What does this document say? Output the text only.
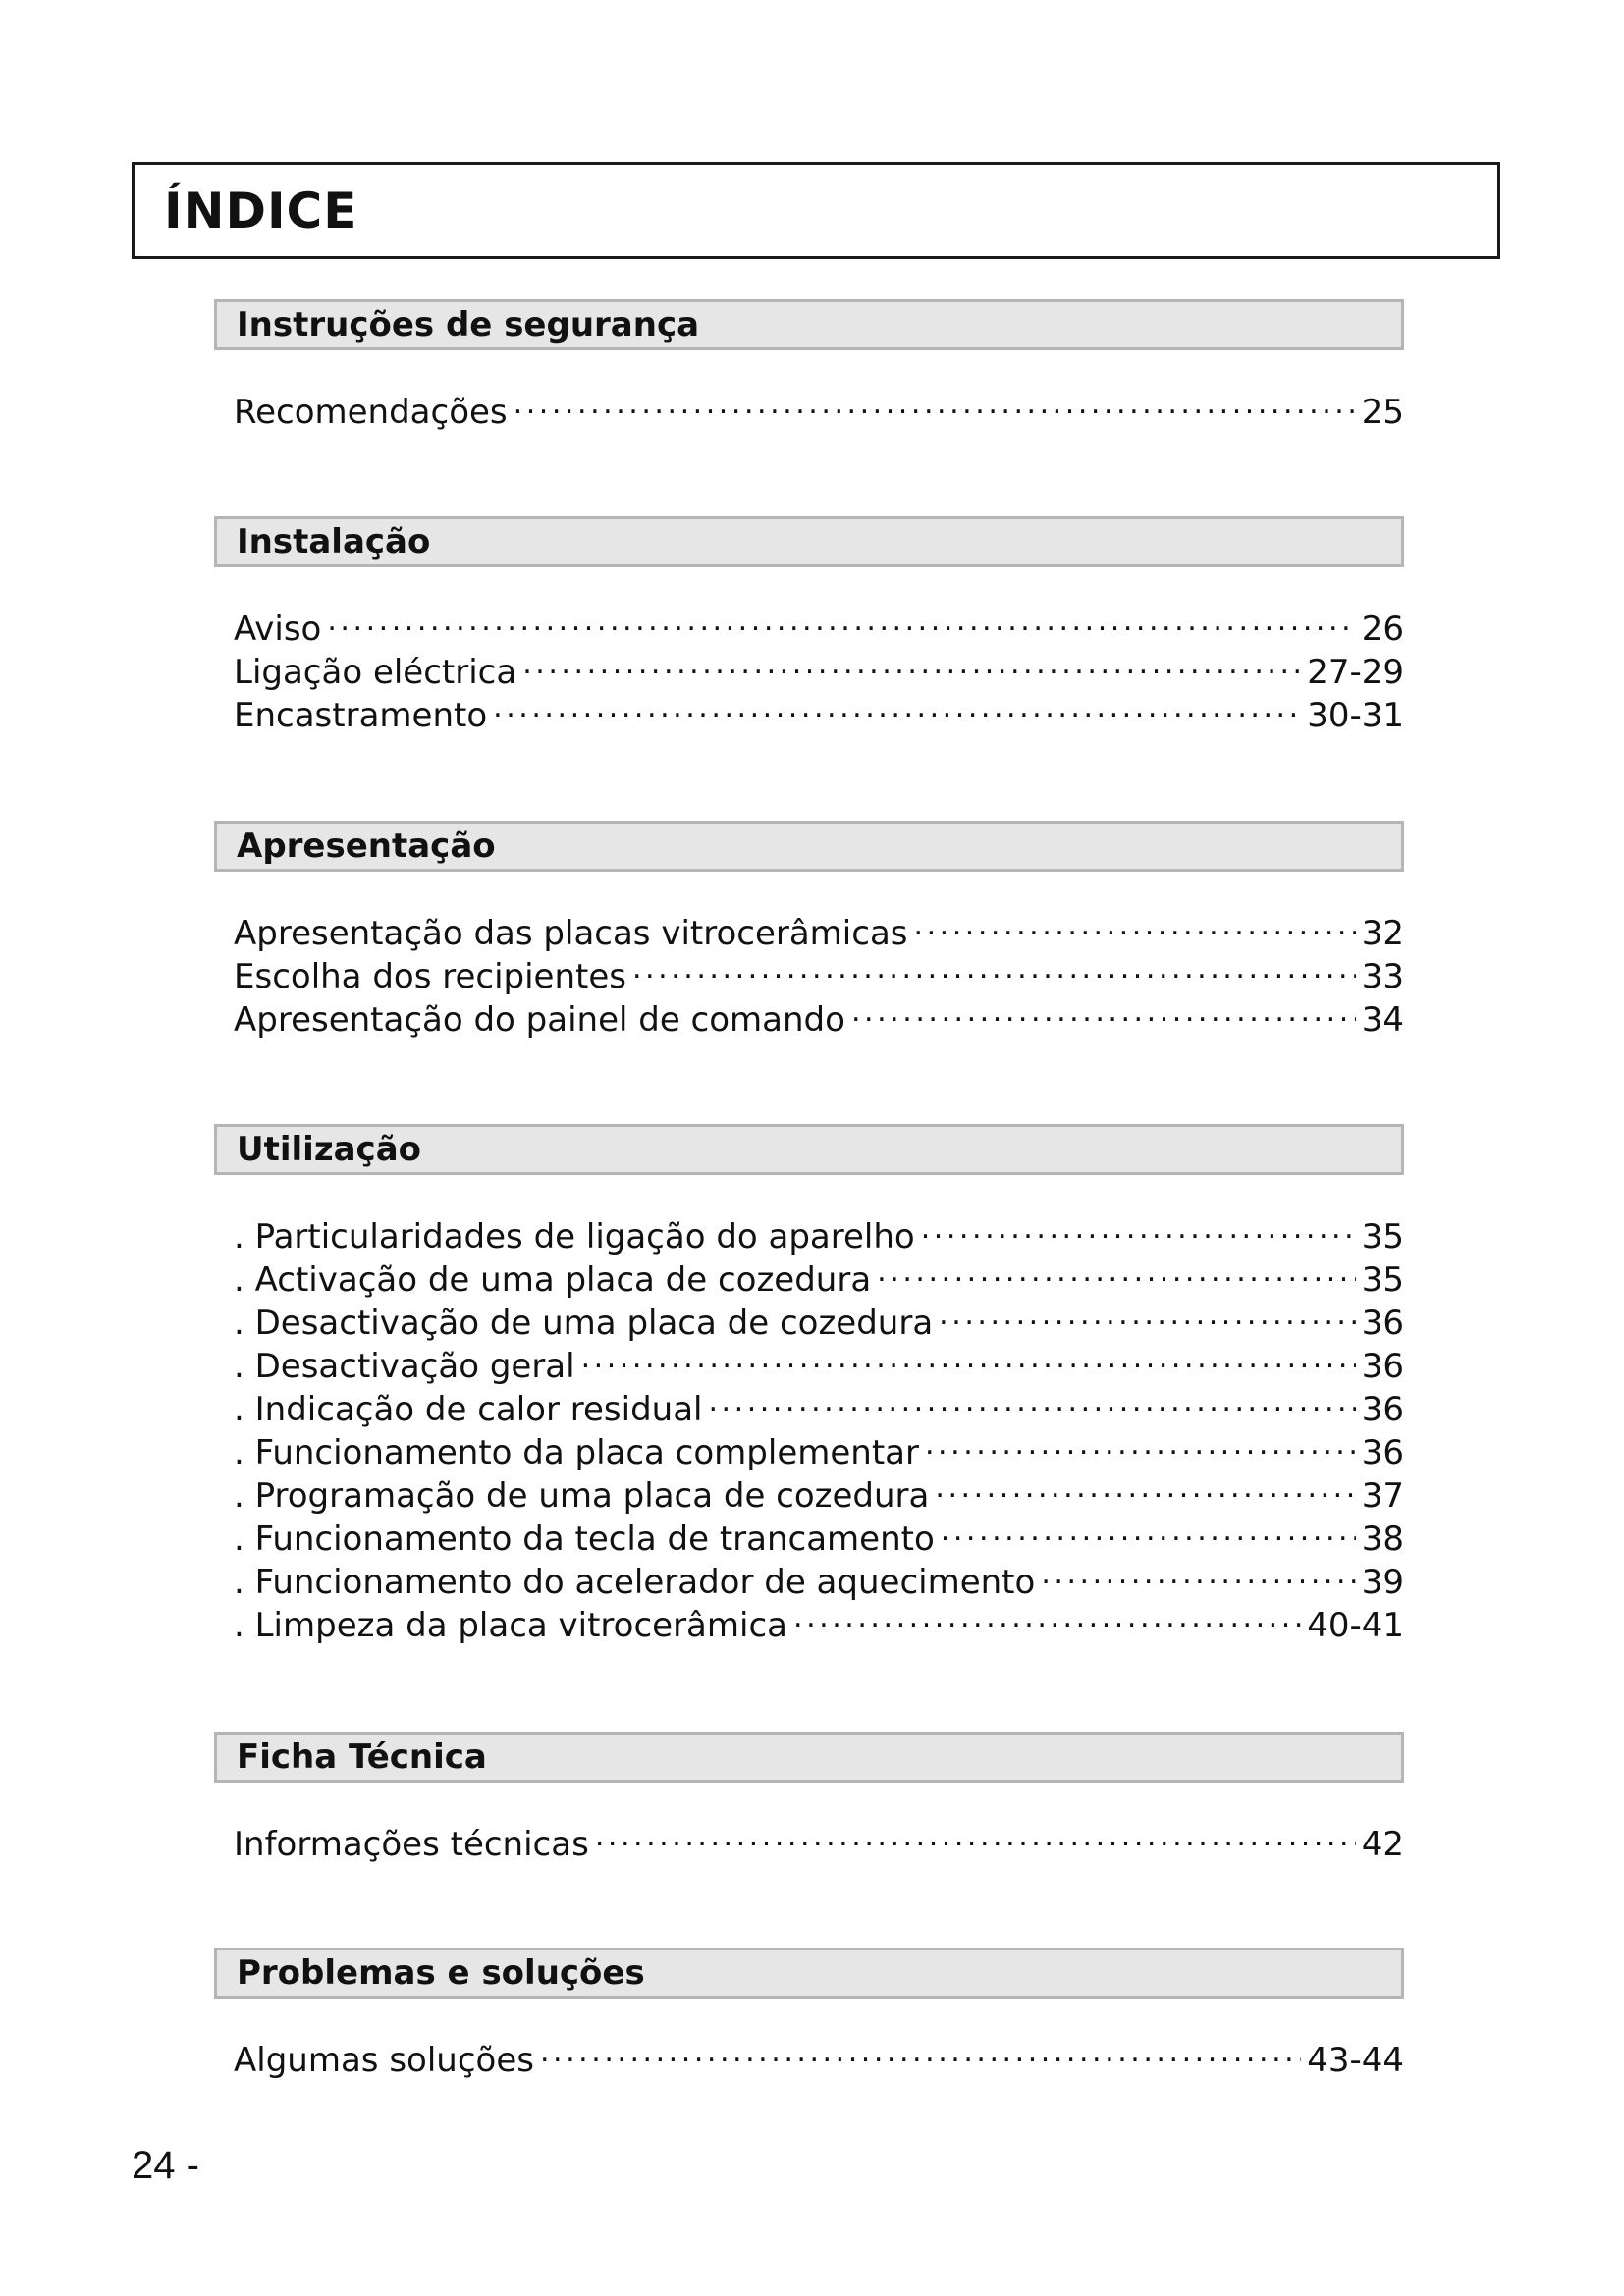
ÍNDICE
Instruções de segurança
Recomendações . . .	25
Instalação
Aviso . . .	26
Ligação eléctrica . . .	27-29
Encastramento . . .	30-31
Apresentação
Apresentação das placas vitrocerâmicas . . .	32
Escolha dos recipientes . . .	33
Apresentação do painel de comando . . .	34
Utilização
. Particularidades de ligação do aparelho . . .	35
. Activação de uma placa de cozedura . . .	35
. Desactivação de uma placa de cozedura . . .	36
. Desactivação geral . . .	36
. Indicação de calor residual . . .	36
. Funcionamento da placa complementar . . .	36
. Programação de uma placa de cozedura . . .	37
. Funcionamento da tecla de trancamento . . .	38
. Funcionamento do acelerador de aquecimento . . .	39
. Limpeza da placa vitrocerâmica . . .	40-41
Ficha Técnica
Informações técnicas . . .	42
Problemas e soluções
Algumas soluções . . .	43-44
24 -
